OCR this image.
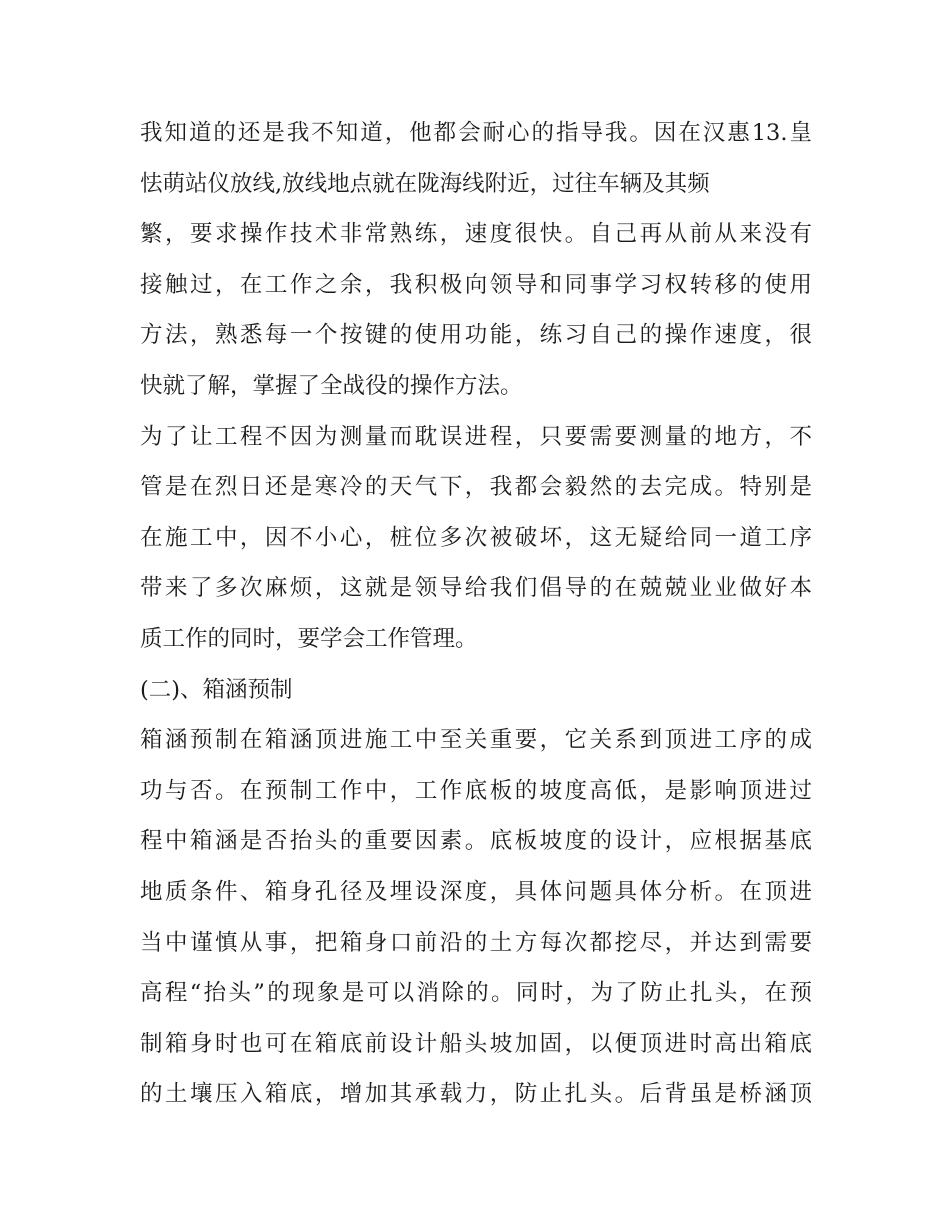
我知道的还是我不知道，他都会耐心的指导我。因在汉惠13.皇
怯萌站仪放线,放线地点就在陇海线附近，过往车辆及其频
繁，要求操作技术非常熟练，速度很快。自己再从前从来没有
接触过，在工作之余，我积极向领导和同事学习权转移的使用
方法，熟悉每一个按键的使用功能，练习自己的操作速度，很
快就了解，掌握了全战役的操作方法。
为了让工程不因为测量而耽误进程，只要需要测量的地方，不
管是在烈日还是寒冷的天气下，我都会毅然的去完成。特别是
在施工中，因不小心，桩位多次被破坏，这无疑给同一道工序
带来了多次麻烦，这就是领导给我们倡导的在兢兢业业做好本
质工作的同时，要学会工作管理。
(二)、箱涵预制
箱涵预制在箱涵顶进施工中至关重要，它关系到顶进工序的成
功与否。在预制工作中，工作底板的坡度高低，是影响顶进过
程中箱涵是否抬头的重要因素。底板坡度的设计，应根据基底
地质条件、箱身孔径及埋设深度，具体问题具体分析。在顶进
当中谨慎从事，把箱身口前沿的土方每次都挖尽，并达到需要
高程“抬头”的现象是可以消除的。同时，为了防止扎头，在预
制箱身时也可在箱底前设计船头坡加固，以便顶进时高出箱底
的土壤压入箱底，增加其承载力，防止扎头。后背虽是桥涵顶
